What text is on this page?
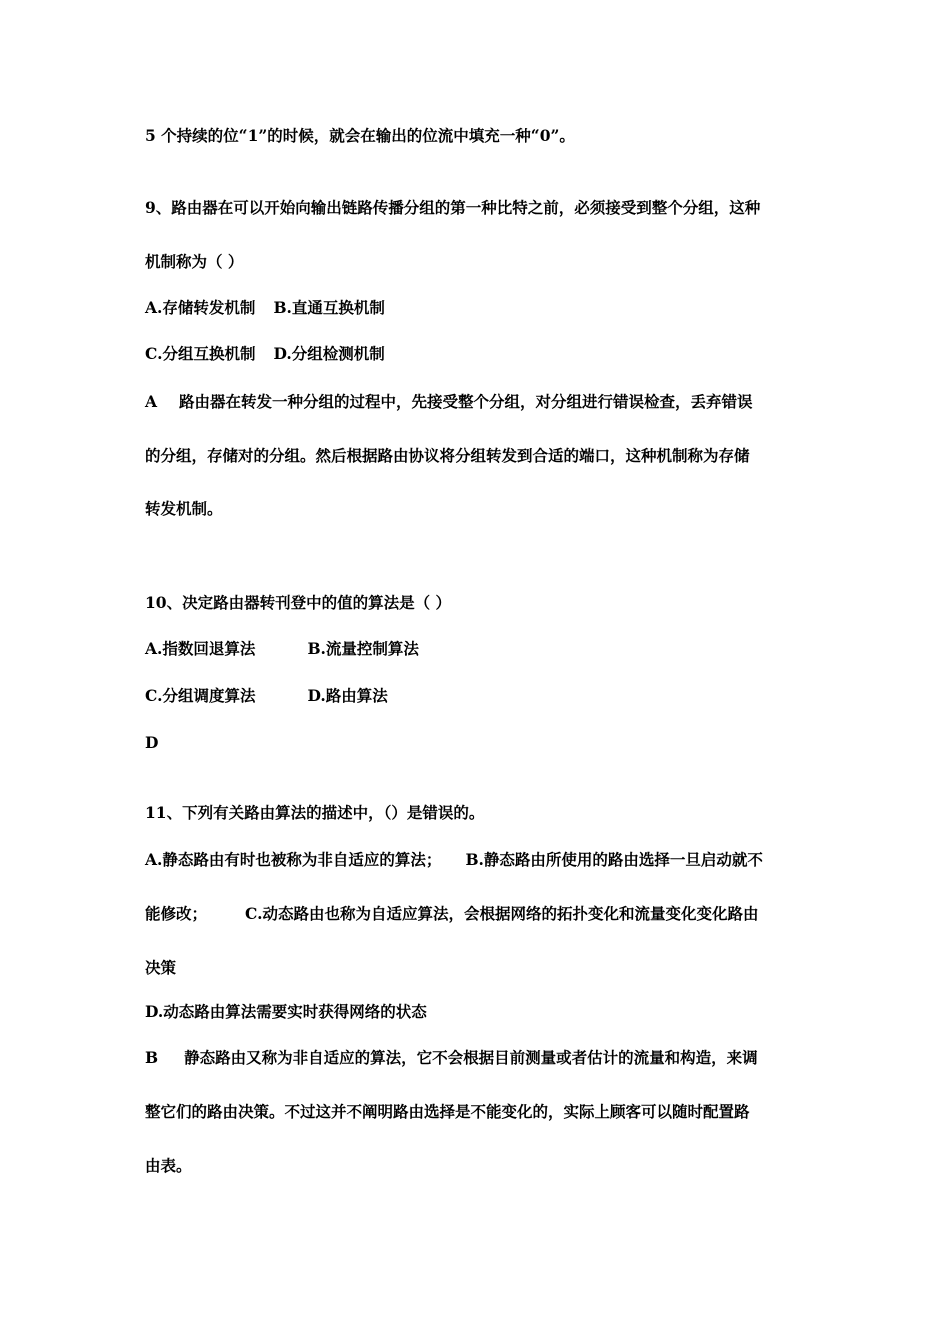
5 个持续的位“1”的时候，就会在输出的位流中填充一种“0”。
9、路由器在可以开始向输出链路传播分组的第一种比特之前，必须接受到整个分组，这种
机制称为（ ）
A.存储转发机制 B.直通互换机制
C.分组互换机制 D.分组检测机制
A 路由器在转发一种分组的过程中，先接受整个分组，对分组进行错误检查，丢弃错误
的分组，存储对的分组。然后根据路由协议将分组转发到合适的端口，这种机制称为存储
转发机制。
10、决定路由器转刊登中的值的算法是（ ）
A.指数回退算法	B.流量控制算法
C.分组调度算法	D.路由算法
D
11、下列有关路由算法的描述中，（）是错误的。
A.静态路由有时也被称为非自适应的算法； B.静态路由所使用的路由选择一旦启动就不
能修改； C.动态路由也称为自适应算法，会根据网络的拓扑变化和流量变化变化路由
决策
D.动态路由算法需要实时获得网络的状态
B 静态路由又称为非自适应的算法，它不会根据目前测量或者估计的流量和构造，来调
整它们的路由决策。不过这并不阐明路由选择是不能变化的，实际上顾客可以随时配置路
由表。
